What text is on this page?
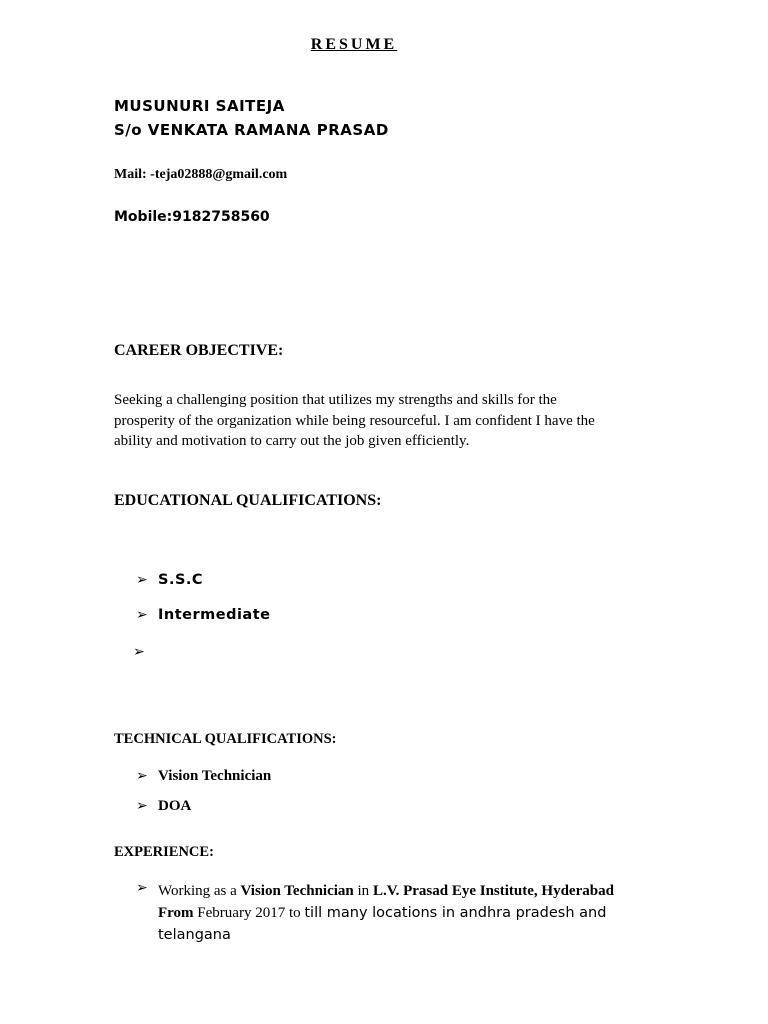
RESUME
MUSUNURI SAITEJA
S/o VENKATA RAMANA PRASAD
Mail: -teja02888@gmail.com
Mobile:9182758560
CAREER OBJECTIVE:

Seeking a challenging position that utilizes my strengths and skills for the

prosperity of the organization while being resourceful. I am confident I have the

ability and motivation to carry out the job given efficiently.

EDUCATIONAL QUALIFICATIONS:
➢ S.S.C
➢ Intermediate
➢
TECHNICAL QUALIFICATIONS:
➢ Vision Technician
➢ DOA
EXPERIENCE:
➢ Working as a Vision Technician in L.V. Prasad Eye Institute, Hyderabad
From February 2017 to till many locations in andhra pradesh and
telangana
